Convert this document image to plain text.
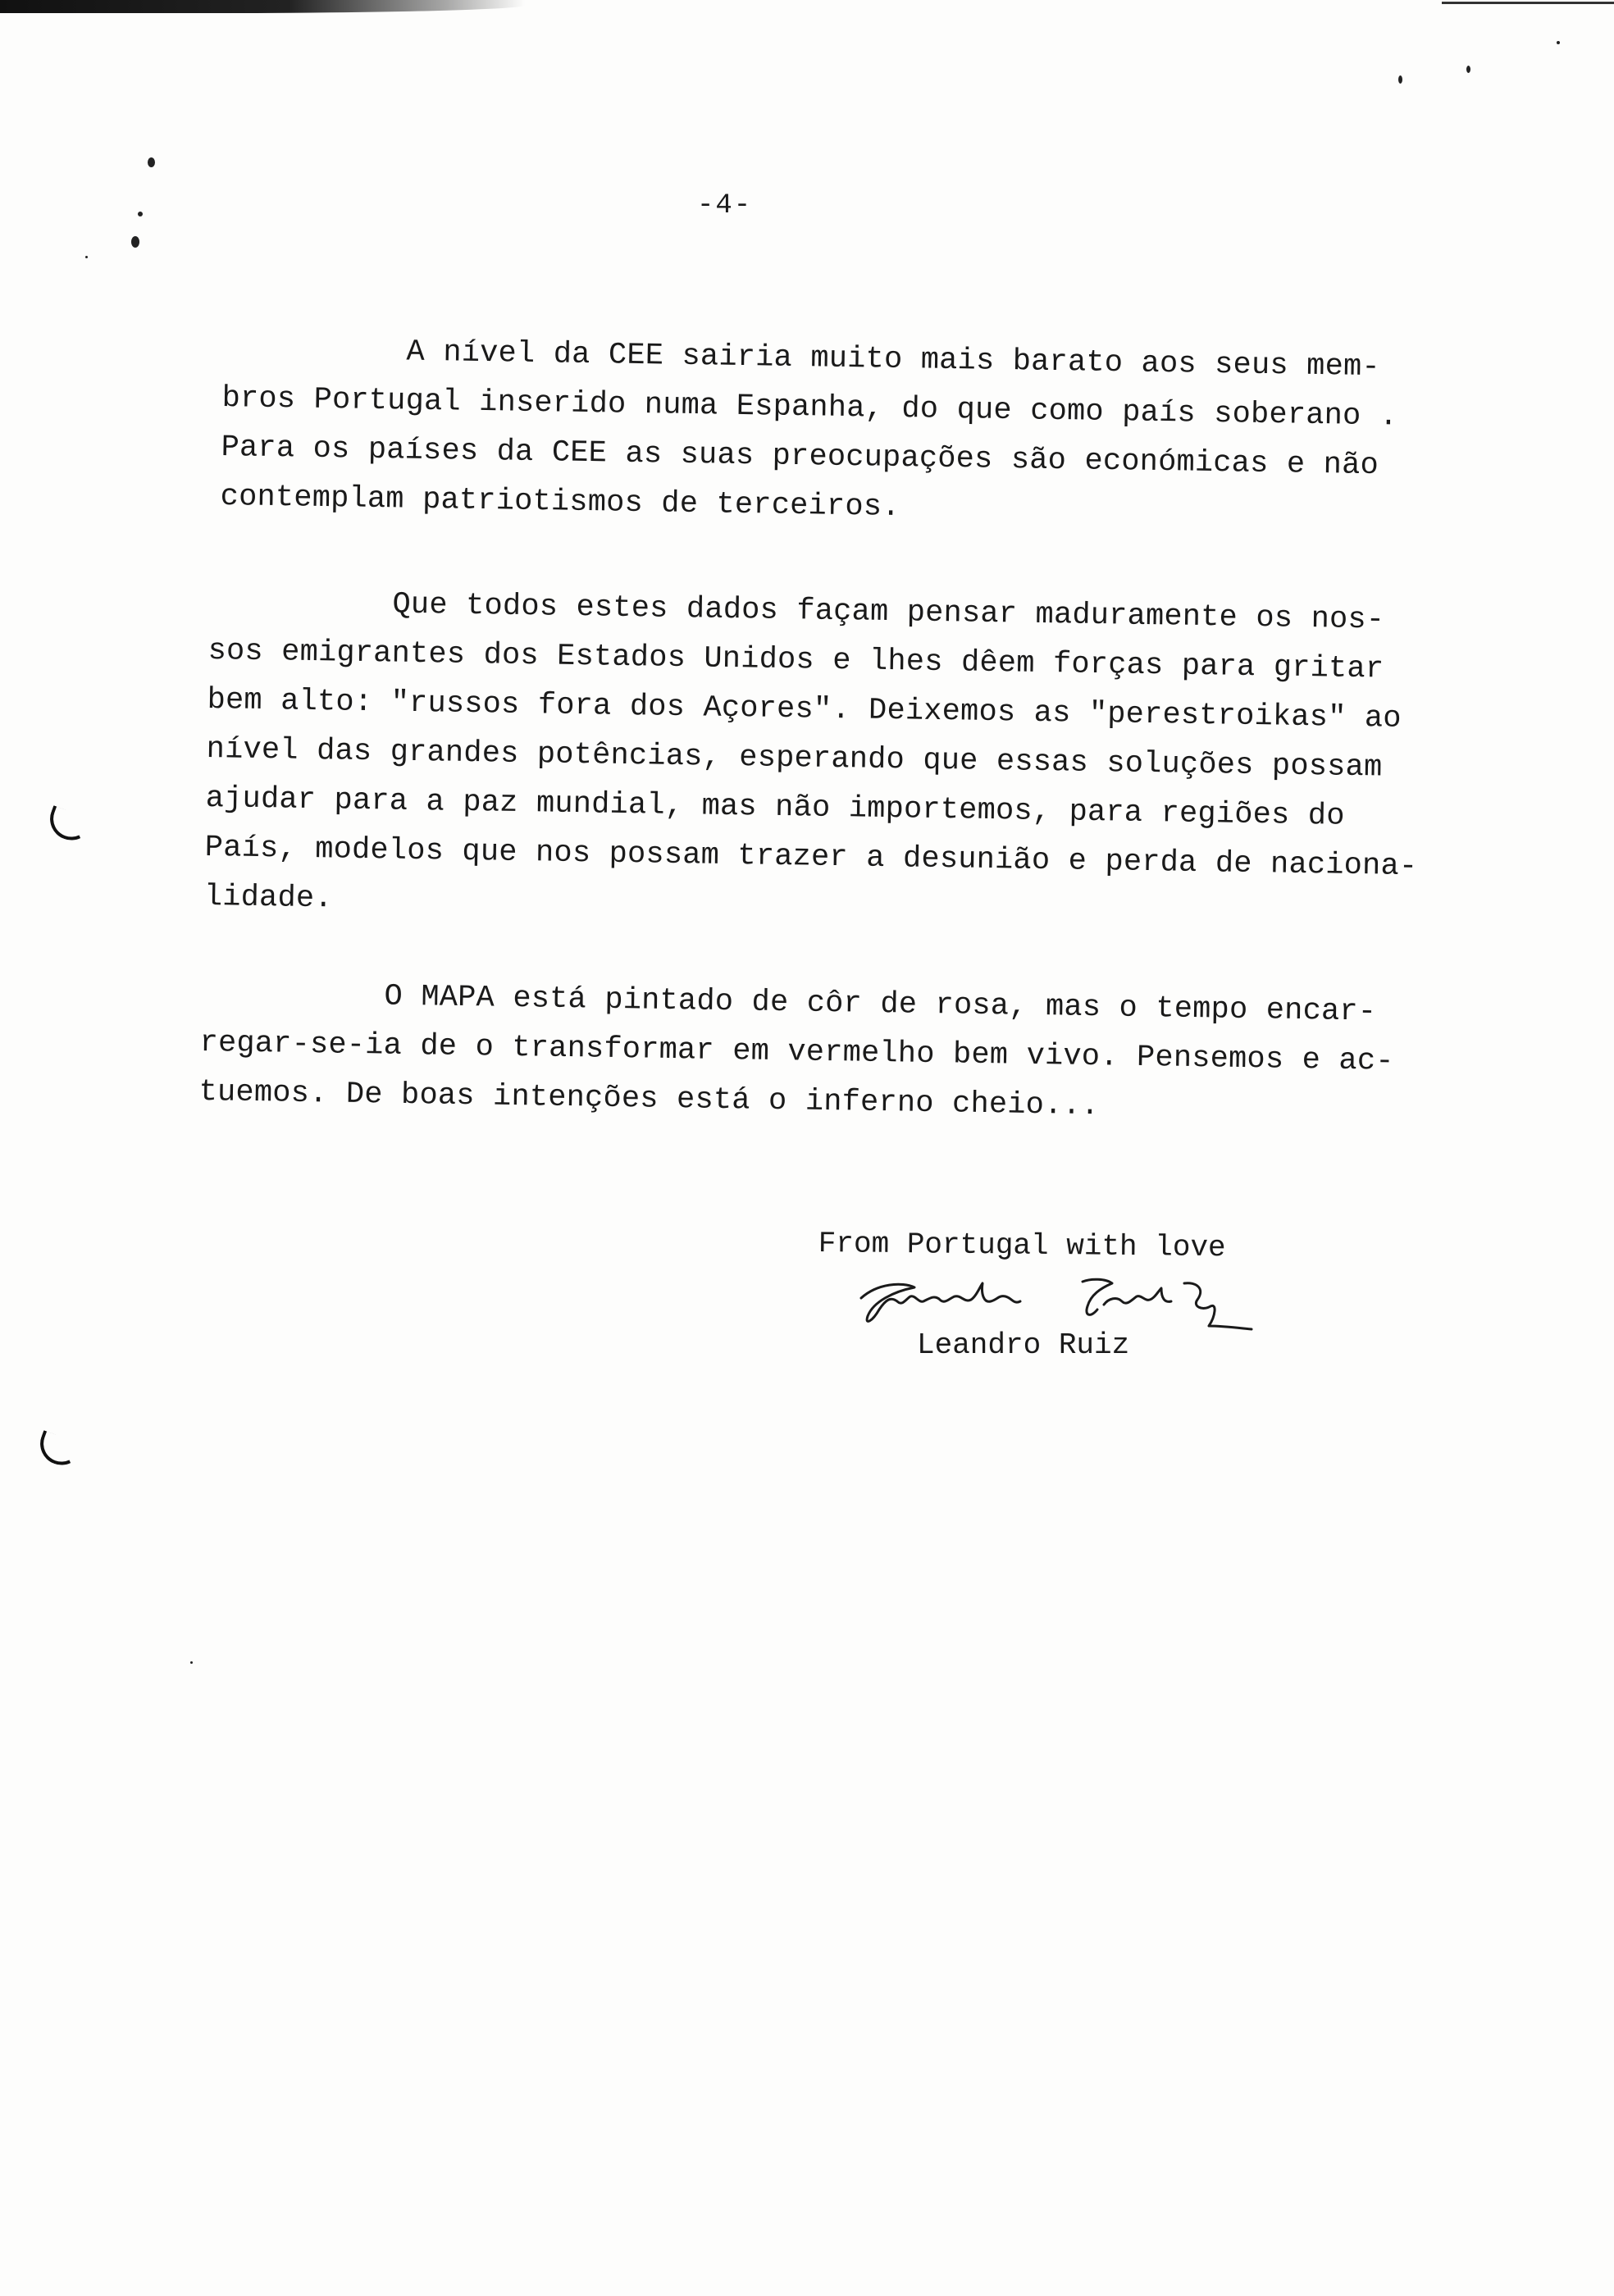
-4-
A nível da CEE sairia muito mais barato aos seus mem-
bros Portugal inserido numa Espanha, do que como país soberano .
Para os países da CEE as suas preocupações são económicas e não
contemplam patriotismos de terceiros.
Que todos estes dados façam pensar maduramente os nos-
sos emigrantes dos Estados Unidos e lhes dêem forças para gritar
bem alto: "russos fora dos Açores". Deixemos as "perestroikas" ao
nível das grandes potências, esperando que essas soluções possam
ajudar para a paz mundial, mas não importemos, para regiões do
País, modelos que nos possam trazer a desunião e perda de naciona-
lidade.
O MAPA está pintado de côr de rosa, mas o tempo encar-
regar-se-ia de o transformar em vermelho bem vivo. Pensemos e ac-
tuemos. De boas intenções está o inferno cheio...
From Portugal with love
Leandro Ruiz
